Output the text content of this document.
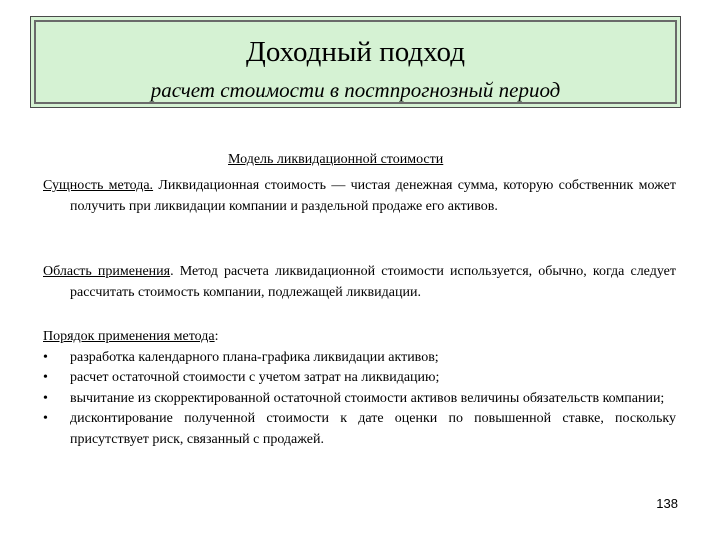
Доходный подход
расчет стоимости в постпрогнозный период
Модель ликвидационной стоимости
Сущность метода. Ликвидационная стоимость — чистая денежная сумма, которую собственник может получить при ликвидации компании и раздельной продаже его активов.
Область применения. Метод расчета ликвидационной стоимости используется, обычно, когда следует рассчитать стоимость компании, подлежащей ликвидации.
Порядок применения метода:
• разработка календарного плана-графика ликвидации активов;
• расчет остаточной стоимости с учетом затрат на ликвидацию;
• вычитание из скорректированной остаточной стоимости активов величины обязательств компании;
• дисконтирование полученной стоимости к дате оценки по повышенной ставке, поскольку присутствует риск, связанный с продажей.
138
